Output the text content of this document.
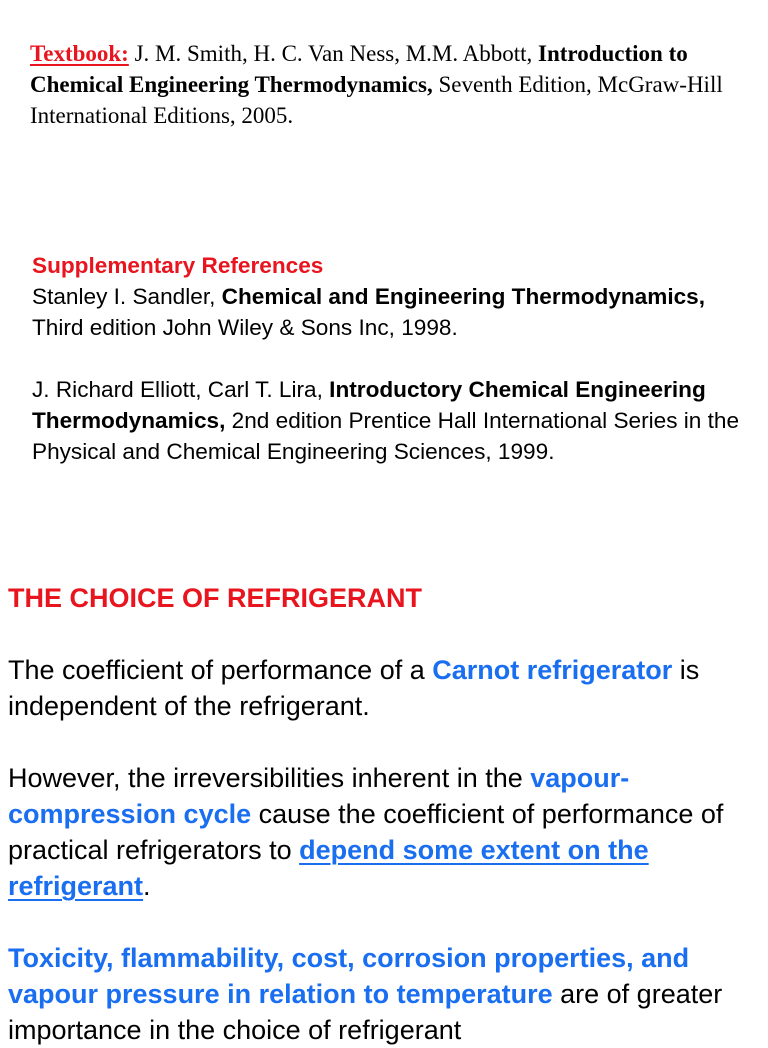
Textbook: J. M. Smith, H. C. Van Ness, M.M. Abbott, Introduction to Chemical Engineering Thermodynamics, Seventh Edition, McGraw-Hill International Editions, 2005.

Supplementary References

Stanley I. Sandler, Chemical and Engineering Thermodynamics, Third edition John Wiley & Sons Inc, 1998.

J. Richard Elliott, Carl T. Lira, Introductory Chemical Engineering Thermodynamics, 2nd edition Prentice Hall International Series in the Physical and Chemical Engineering Sciences, 1999.

THE CHOICE OF REFRIGERANT

The coefficient of performance of a Carnot refrigerator is independent of the refrigerant.

However, the irreversibilities inherent in the vapour-compression cycle cause the coefficient of performance of practical refrigerators to depend some extent on the refrigerant.

Toxicity, flammability, cost, corrosion properties, and vapour pressure in relation to temperature are of greater importance in the choice of refrigerant
